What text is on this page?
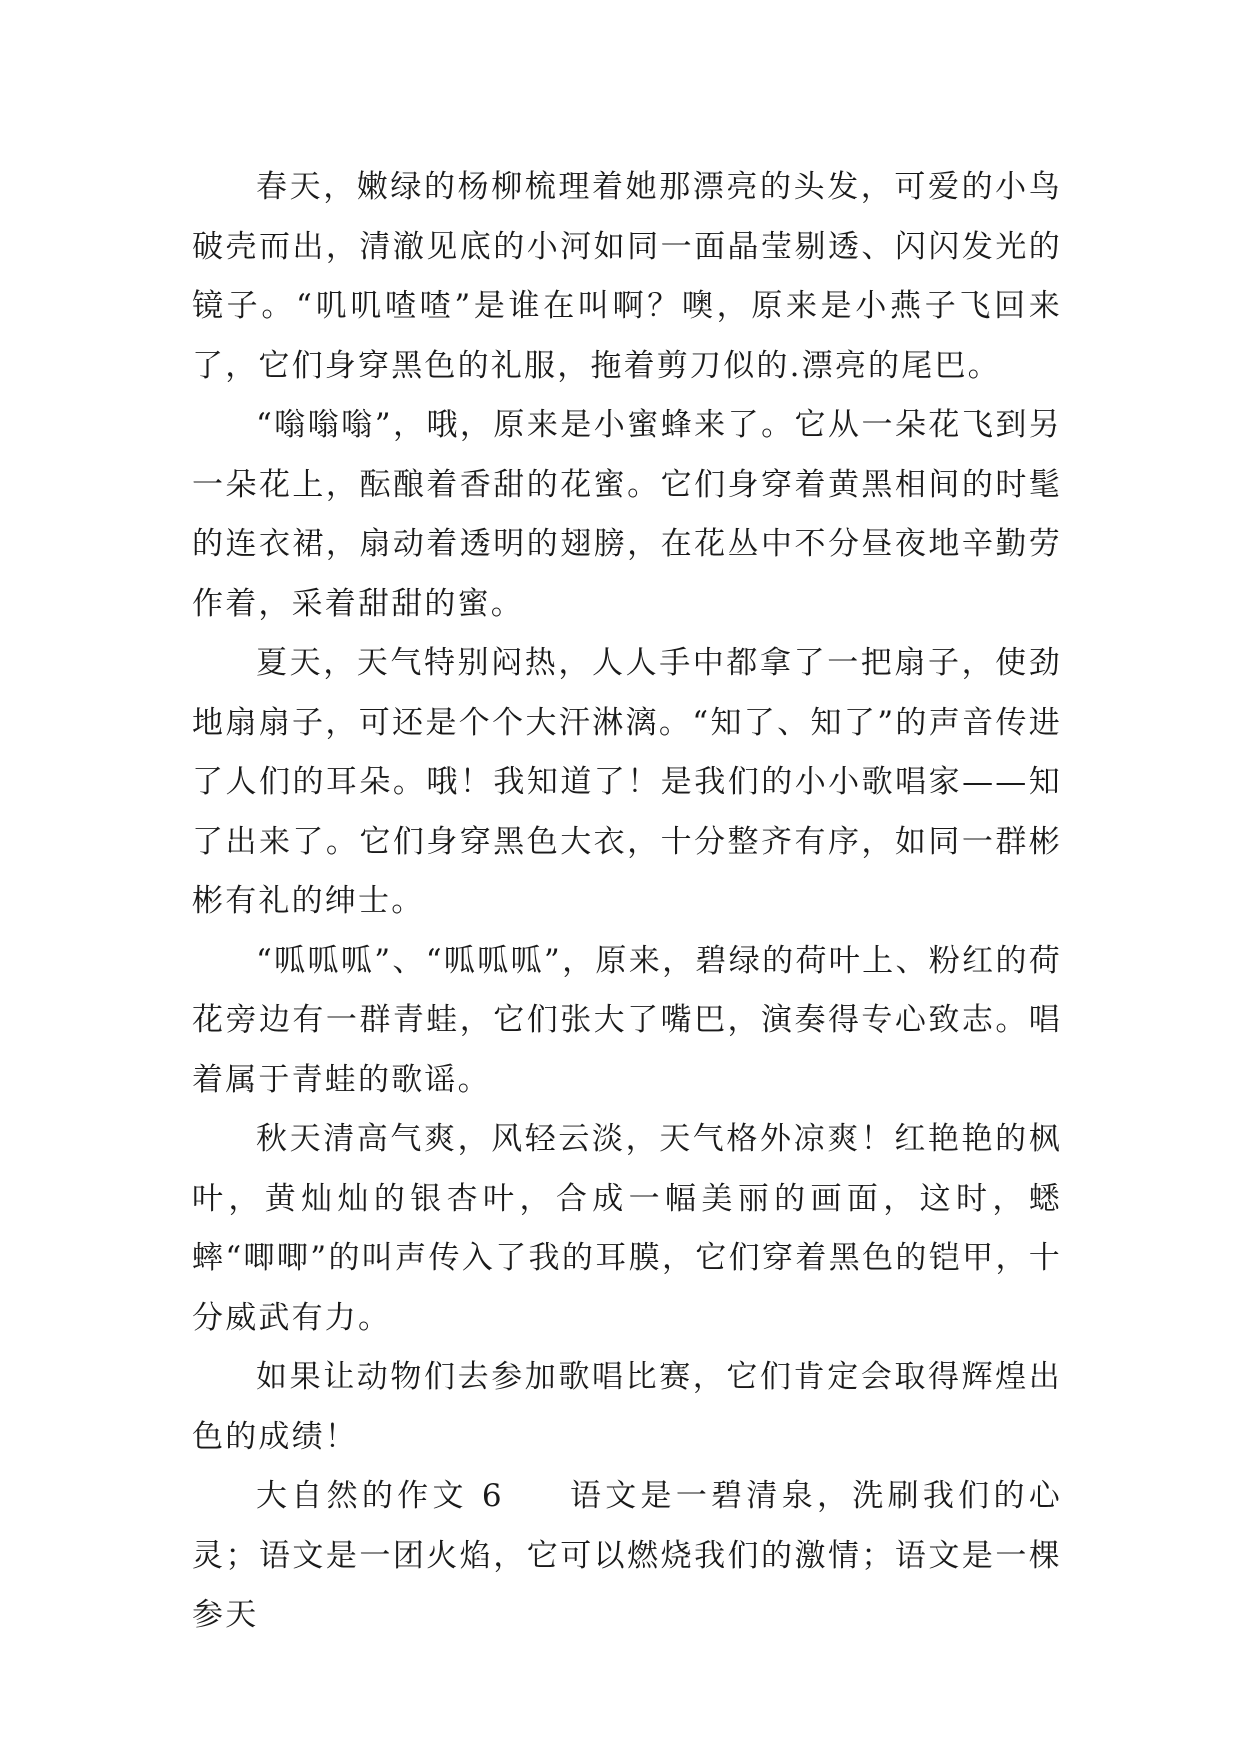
春天，嫩绿的杨柳梳理着她那漂亮的头发，可爱的小鸟破壳而出，清澈见底的小河如同一面晶莹剔透、闪闪发光的镜子。“叽叽喳喳”是谁在叫啊？噢，原来是小燕子飞回来了，它们身穿黑色的礼服，拖着剪刀似的.漂亮的尾巴。

“嗡嗡嗡”，哦，原来是小蜜蜂来了。它从一朵花飞到另一朵花上，酝酿着香甜的花蜜。它们身穿着黄黑相间的时髦的连衣裙，扇动着透明的翅膀，在花丛中不分昼夜地辛勤劳作着，采着甜甜的蜜。

夏天，天气特别闷热，人人手中都拿了一把扇子，使劲地扇扇子，可还是个个大汗淋漓。“知了、知了”的声音传进了人们的耳朵。哦！我知道了！是我们的小小歌唱家——知了出来了。它们身穿黑色大衣，十分整齐有序，如同一群彬彬有礼的绅士。

“呱呱呱”、“呱呱呱”，原来，碧绿的荷叶上、粉红的荷花旁边有一群青蛙，它们张大了嘴巴，演奏得专心致志。唱着属于青蛙的歌谣。

秋天清高气爽，风轻云淡，天气格外凉爽！红艳艳的枫叶，黄灿灿的银杏叶，合成一幅美丽的画面，这时，蟋蟀“唧唧”的叫声传入了我的耳膜，它们穿着黑色的铠甲，十分威武有力。

如果让动物们去参加歌唱比赛，它们肯定会取得辉煌出色的成绩！

大自然的作文 6 语文是一碧清泉，洗刷我们的心灵；语文是一团火焰，它可以燃烧我们的激情；语文是一棵参天
